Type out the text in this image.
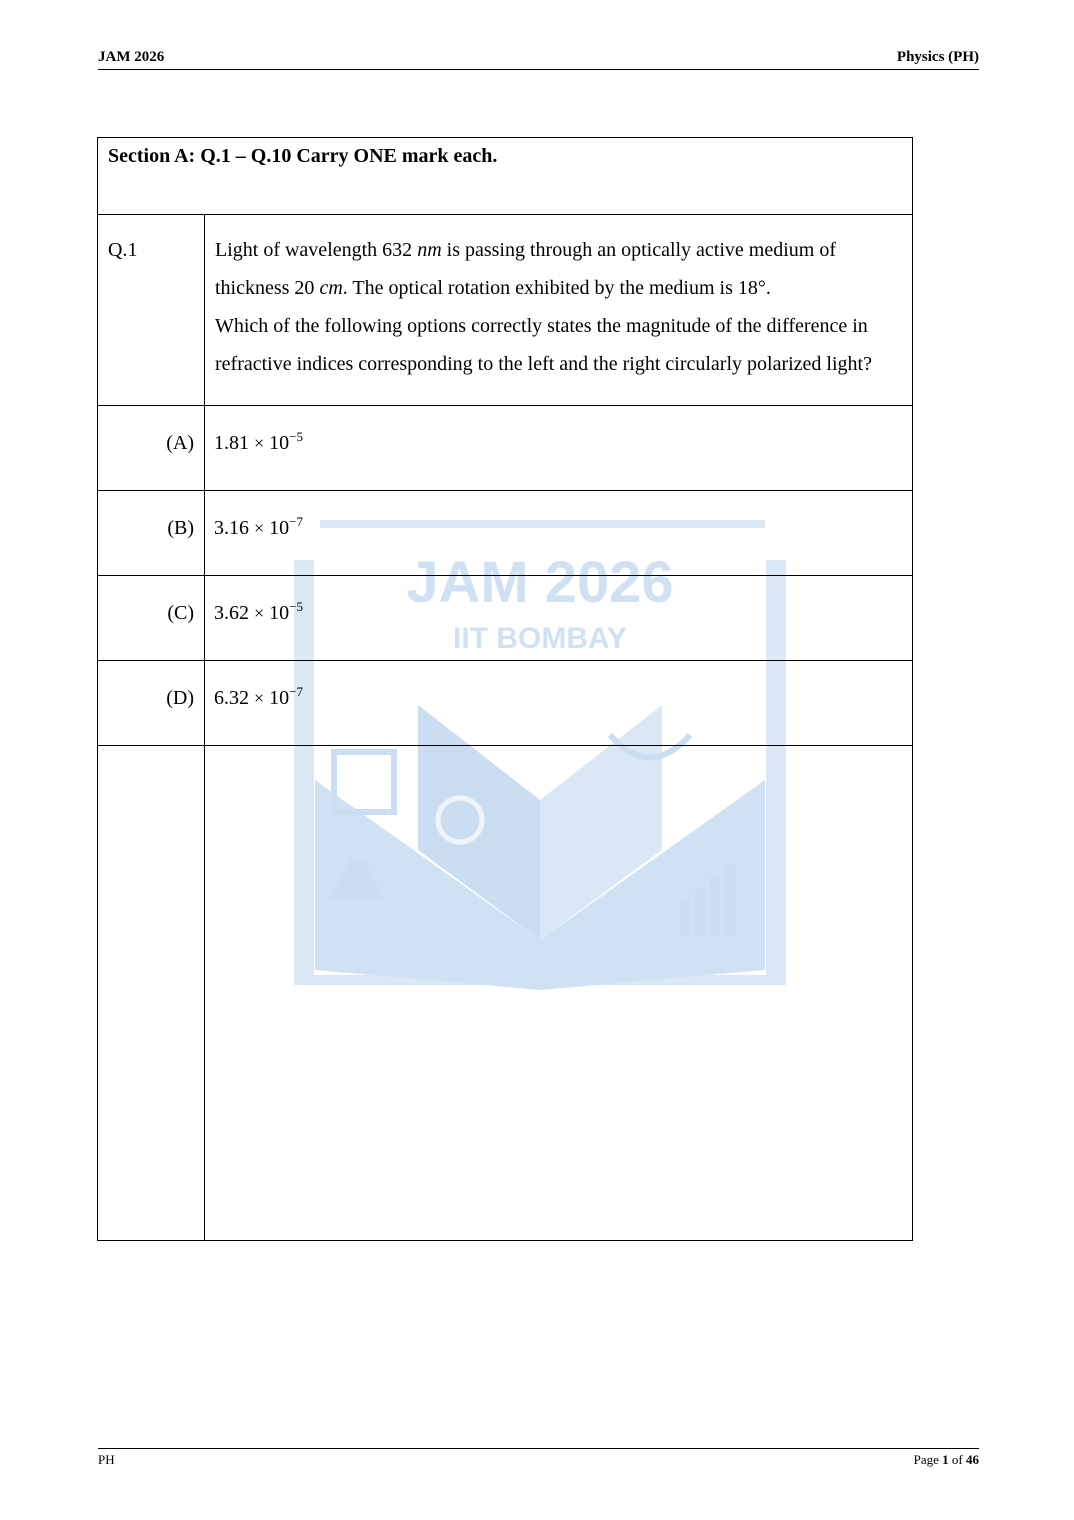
JAM 2026	Physics (PH)
JAM 2026
IIT BOMBAY
Section A: Q.1 – Q.10 Carry ONE mark each.	
Q.1	Light of wavelength 632 nm is passing through an optically active medium of thickness 20 cm. The optical rotation exhibited by the medium is 18°.
Which of the following options correctly states the magnitude of the difference in refractive indices corresponding to the left and the right circularly polarized light?
(A)	$1.81 \times 10^{-5}$
(B)	$3.16 \times 10^{-7}$
(C)	$3.62 \times 10^{-5}$
(D)	$6.32 \times 10^{-7}$

PH	Page 1 of 46
